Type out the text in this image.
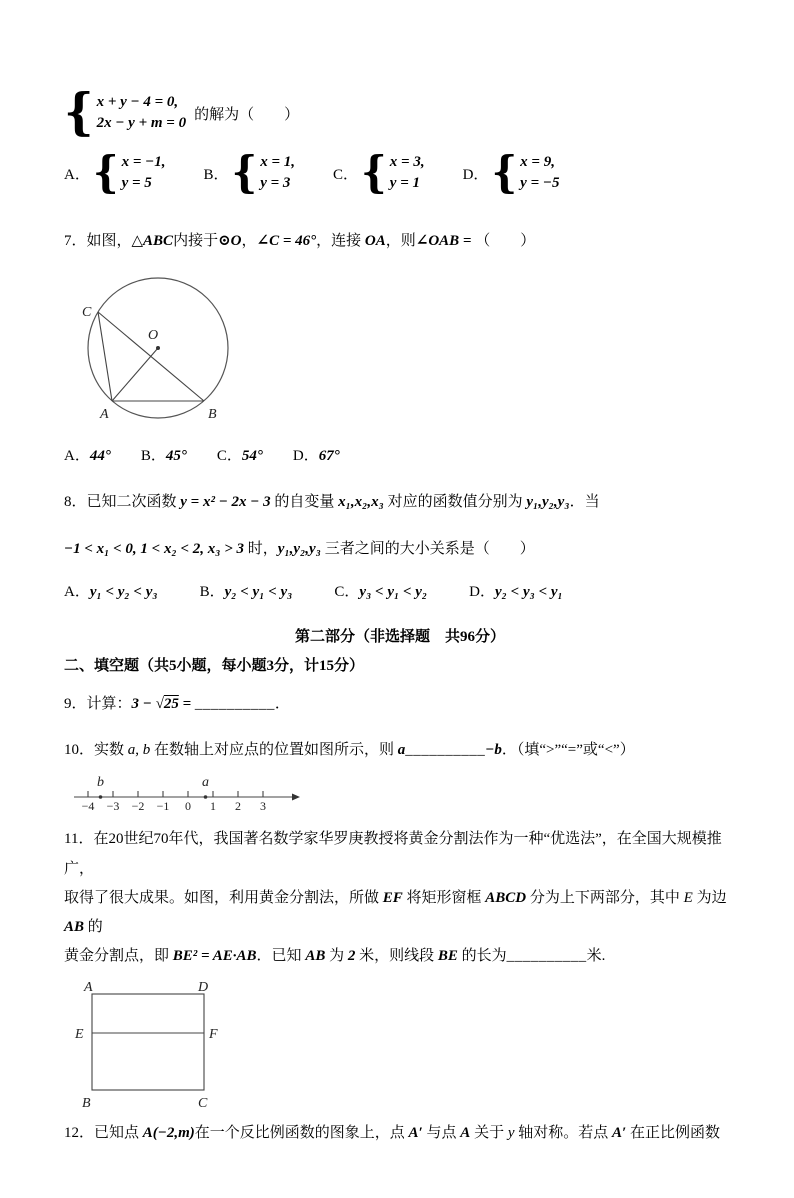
{ x + y − 4 = 0,
2x − y + m = 0
的解为（　　）
A． { x = −1,
y = 5
B． { x = 1,
y = 3
C． { x = 3,
y = 1
D． { x = 9,
y = −5

7．如图，△ABC内接于⊙O，∠C = 46°，连接 OA，则∠OAB = （　　）

C
O
A	B
A．44° B．45° C．54° D．67°

8．已知二次函数 y = x² − 2x − 3 的自变量 x₁,x₂,x₃ 对应的函数值分别为 y₁,y₂,y₃．当

−1 < x₁ < 0, 1 < x₂ < 2, x₃ > 3 时，y₁,y₂,y₃ 三者之间的大小关系是（　　）

A．y₁ < y₂ < y₃	B．y₂ < y₁ < y₃	C．y₃ < y₁ < y₂	D．y₂ < y₃ < y₁
第二部分（非选择题　共96分）
二、填空题（共5小题，每小题3分，计15分）

9．计算：3 − √25 = __________．

10．实数 a, b 在数轴上对应点的位置如图所示，则 a__________−b．（填“>”“=”或“<”）

−4 −3 −2 −1 0 1 2 3
b	a
11．在20世纪70年代，我国著名数学家华罗庚教授将黄金分割法作为一种“优选法”，在全国大规模推广，
取得了很大成果。如图，利用黄金分割法，所做 EF 将矩形窗框 ABCD 分为上下两部分，其中 E 为边 AB 的
黄金分割点，即 BE² = AE·AB．已知 AB 为 2 米，则线段 BE 的长为__________米.
A	D
E	F
B	C

12．已知点 A(−2,m)在一个反比例函数的图象上，点 A′ 与点 A 关于 y 轴对称。若点 A′ 在正比例函数
